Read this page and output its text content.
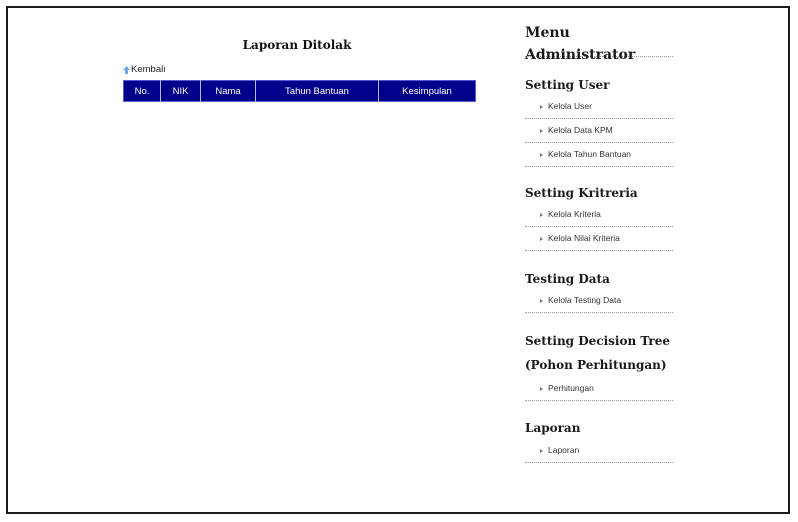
Laporan Ditolak
Kembali
No.	NIK	Nama	Tahun Bantuan	Kesimpulan
Menu Administrator
Setting User
Kelola User
Kelola Data KPM
Kelola Tahun Bantuan
Setting Kritreria
Kelola Kriteria
Kelola Nilai Kriteria
Testing Data
Kelola Testing Data
Setting Decision Tree
(Pohon Perhitungan)
Perhitungan
Laporan
Laporan
